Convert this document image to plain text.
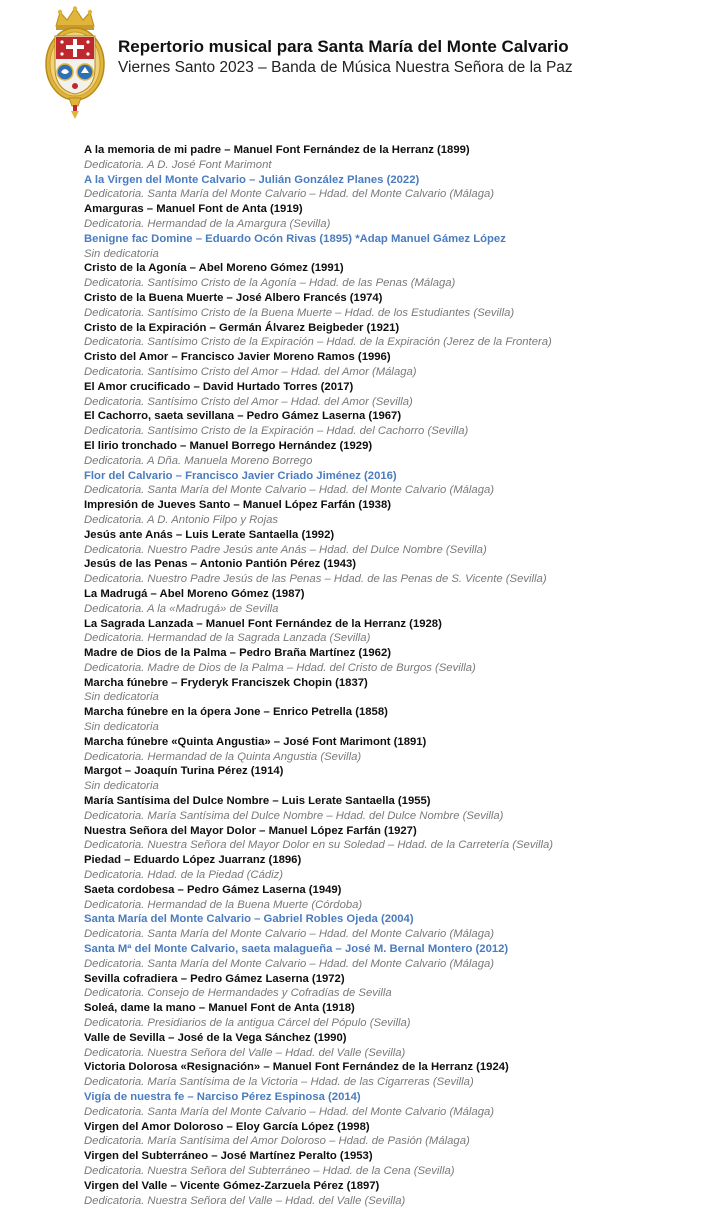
Repertorio musical para Santa María del Monte Calvario
Viernes Santo 2023 – Banda de Música Nuestra Señora de la Paz
A la memoria de mi padre – Manuel Font Fernández de la Herranz (1899)
Dedicatoria. A D. José Font Marimont
A la Virgen del Monte Calvario – Julián González Planes (2022)
Dedicatoria. Santa María del Monte Calvario – Hdad. del Monte Calvario (Málaga)
Amarguras – Manuel Font de Anta (1919)
Dedicatoria. Hermandad de la Amargura (Sevilla)
Benigne fac Domine – Eduardo Ocón Rivas (1895) *Adap Manuel Gámez López
Sin dedicatoria
Cristo de la Agonía – Abel Moreno Gómez (1991)
Dedicatoria. Santísimo Cristo de la Agonía – Hdad. de las Penas (Málaga)
Cristo de la Buena Muerte – José Albero Francés (1974)
Dedicatoria. Santísimo Cristo de la Buena Muerte – Hdad. de los Estudiantes (Sevilla)
Cristo de la Expiración – Germán Álvarez Beigbeder (1921)
Dedicatoria. Santísimo Cristo de la Expiración – Hdad. de la Expiración (Jerez de la Frontera)
Cristo del Amor – Francisco Javier Moreno Ramos (1996)
Dedicatoria. Santísimo Cristo del Amor – Hdad. del Amor (Málaga)
El Amor crucificado – David Hurtado Torres (2017)
Dedicatoria. Santísimo Cristo del Amor – Hdad. del Amor (Sevilla)
El Cachorro, saeta sevillana – Pedro Gámez Laserna (1967)
Dedicatoria. Santísimo Cristo de la Expiración – Hdad. del Cachorro (Sevilla)
El lirio tronchado – Manuel Borrego Hernández (1929)
Dedicatoria. A Dña. Manuela Moreno Borrego
Flor del Calvario – Francisco Javier Criado Jiménez (2016)
Dedicatoria. Santa María del Monte Calvario – Hdad. del Monte Calvario (Málaga)
Impresión de Jueves Santo – Manuel López Farfán (1938)
Dedicatoria. A D. Antonio Filpo y Rojas
Jesús ante Anás – Luis Lerate Santaella (1992)
Dedicatoria. Nuestro Padre Jesús ante Anás – Hdad. del Dulce Nombre (Sevilla)
Jesús de las Penas – Antonio Pantión Pérez (1943)
Dedicatoria. Nuestro Padre Jesús de las Penas – Hdad. de las Penas de S. Vicente (Sevilla)
La Madrugá – Abel Moreno Gómez (1987)
Dedicatoria. A la «Madrugá» de Sevilla
La Sagrada Lanzada – Manuel Font Fernández de la Herranz (1928)
Dedicatoria. Hermandad de la Sagrada Lanzada (Sevilla)
Madre de Dios de la Palma – Pedro Braña Martínez (1962)
Dedicatoria. Madre de Dios de la Palma – Hdad. del Cristo de Burgos (Sevilla)
Marcha fúnebre – Fryderyk Franciszek Chopin (1837)
Sin dedicatoria
Marcha fúnebre en la ópera Jone – Enrico Petrella (1858)
Sin dedicatoria
Marcha fúnebre «Quinta Angustia» – José Font Marimont (1891)
Dedicatoria. Hermandad de la Quinta Angustia (Sevilla)
Margot – Joaquín Turina Pérez (1914)
Sin dedicatoria
María Santísima del Dulce Nombre – Luis Lerate Santaella (1955)
Dedicatoria. María Santísima del Dulce Nombre – Hdad. del Dulce Nombre (Sevilla)
Nuestra Señora del Mayor Dolor – Manuel López Farfán (1927)
Dedicatoria. Nuestra Señora del Mayor Dolor en su Soledad – Hdad. de la Carretería (Sevilla)
Piedad – Eduardo López Juarranz (1896)
Dedicatoria. Hdad. de la Piedad (Cádiz)
Saeta cordobesa – Pedro Gámez Laserna (1949)
Dedicatoria. Hermandad de la Buena Muerte (Córdoba)
Santa María del Monte Calvario – Gabriel Robles Ojeda (2004)
Dedicatoria. Santa María del Monte Calvario – Hdad. del Monte Calvario (Málaga)
Santa Mª del Monte Calvario, saeta malagueña – José M. Bernal Montero (2012)
Dedicatoria. Santa María del Monte Calvario – Hdad. del Monte Calvario (Málaga)
Sevilla cofradiera – Pedro Gámez Laserna (1972)
Dedicatoria. Consejo de Hermandades y Cofradías de Sevilla
Soleá, dame la mano – Manuel Font de Anta (1918)
Dedicatoria. Presidiarios de la antigua Cárcel del Pópulo (Sevilla)
Valle de Sevilla – José de la Vega Sánchez (1990)
Dedicatoria. Nuestra Señora del Valle – Hdad. del Valle (Sevilla)
Victoria Dolorosa «Resignación» – Manuel Font Fernández de la Herranz (1924)
Dedicatoria. María Santísima de la Victoria – Hdad. de las Cigarreras (Sevilla)
Vigía de nuestra fe – Narciso Pérez Espinosa (2014)
Dedicatoria. Santa María del Monte Calvario – Hdad. del Monte Calvario (Málaga)
Virgen del Amor Doloroso – Eloy García López (1998)
Dedicatoria. María Santísima del Amor Doloroso – Hdad. de Pasión (Málaga)
Virgen del Subterráneo – José Martínez Peralto (1953)
Dedicatoria. Nuestra Señora del Subterráneo – Hdad. de la Cena (Sevilla)
Virgen del Valle – Vicente Gómez-Zarzuela Pérez (1897)
Dedicatoria. Nuestra Señora del Valle – Hdad. del Valle (Sevilla)
